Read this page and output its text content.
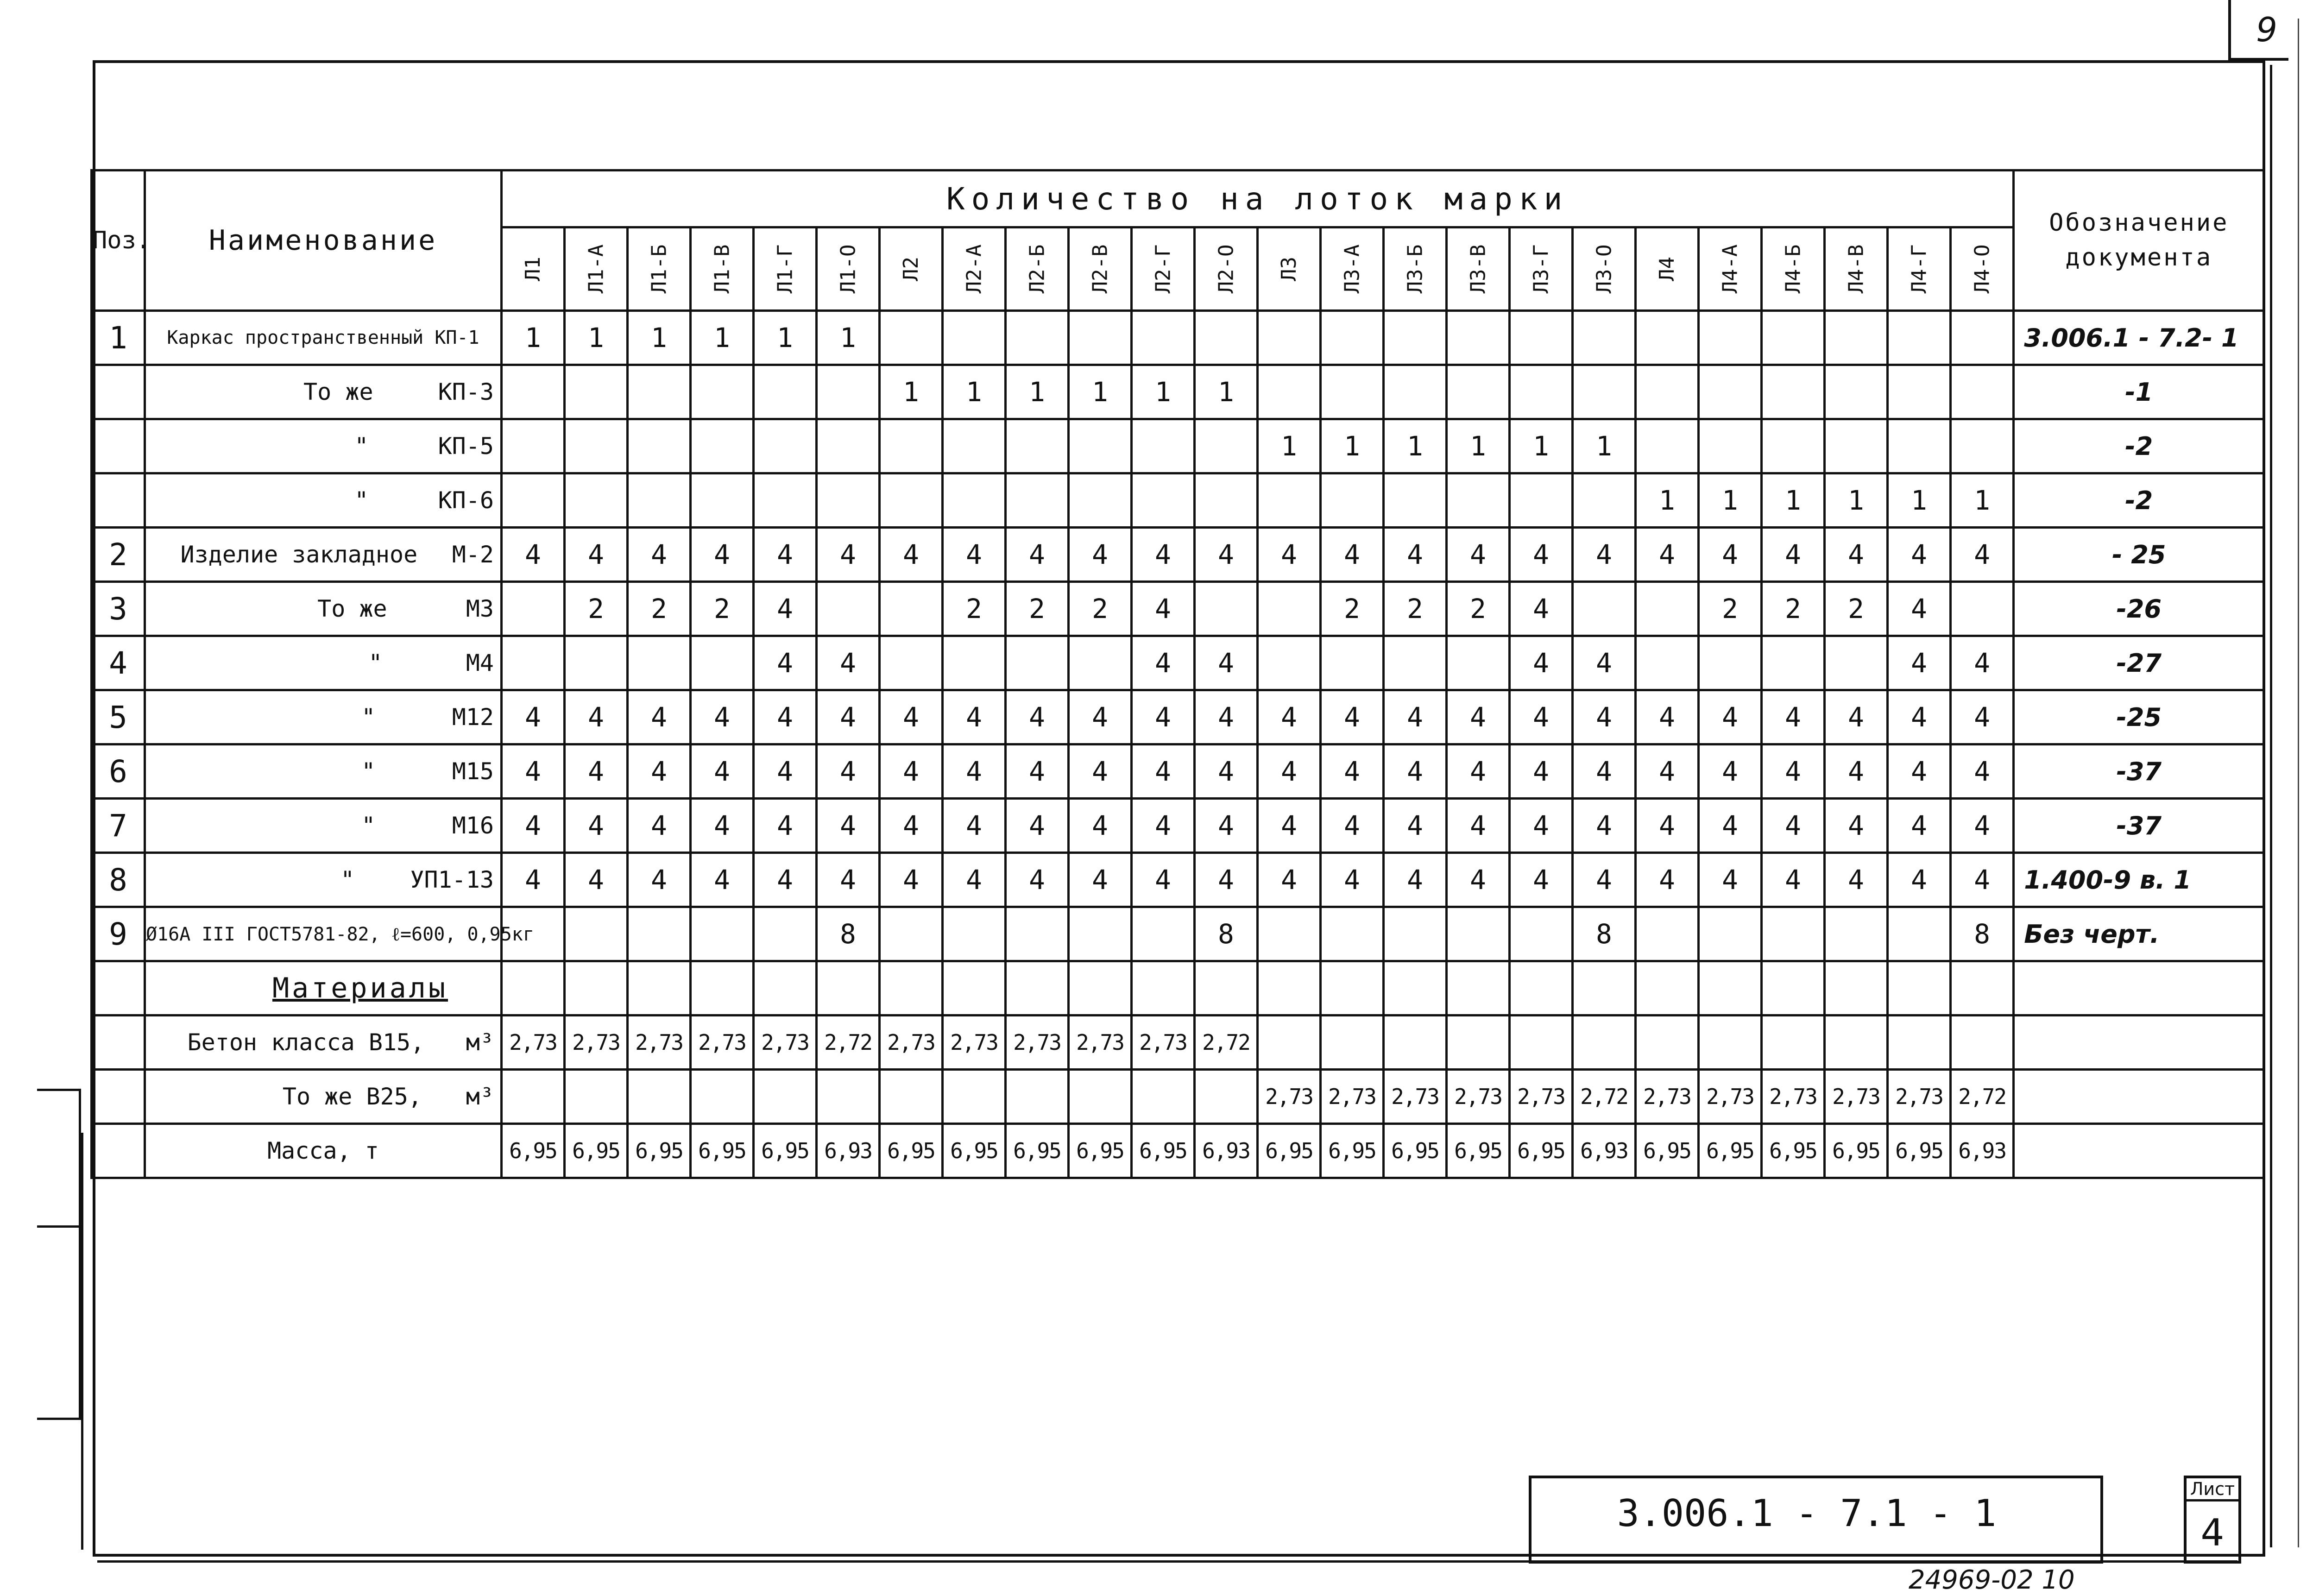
9
Поз.	Наименование	Количество на лоток марки																								Обозначение
документа

		Л1	Л1-А	Л1-Б	Л1-В	Л1-Г	Л1-О	Л2	Л2-А	Л2-Б	Л2-В	Л2-Г	Л2-О	Л3	Л3-А	Л3-Б	Л3-В	Л3-Г	Л3-О	Л4	Л4-А	Л4-Б	Л4-В	Л4-Г	Л4-О	
1	Каркас пространственный КП-1	1	1	1	1	1	1																			3.006.1 - 7.2- 1
	То же КП-3							1	1	1	1	1	1													-1
	" КП-5													1	1	1	1	1	1							-2
	" КП-6																			1	1	1	1	1	1	-2
2	Изделие закладное М-2	4	4	4	4	4	4	4	4	4	4	4	4	4	4	4	4	4	4	4	4	4	4	4	4	- 25
3	То же М3		2	2	2	4			2	2	2	4			2	2	2	4			2	2	2	4		-26
4	" М4					4	4					4	4					4	4					4	4	-27
5	" М12	4	4	4	4	4	4	4	4	4	4	4	4	4	4	4	4	4	4	4	4	4	4	4	4	-25
6	" М15	4	4	4	4	4	4	4	4	4	4	4	4	4	4	4	4	4	4	4	4	4	4	4	4	-37
7	" М16	4	4	4	4	4	4	4	4	4	4	4	4	4	4	4	4	4	4	4	4	4	4	4	4	-37
8	" УП1-13	4	4	4	4	4	4	4	4	4	4	4	4	4	4	4	4	4	4	4	4	4	4	4	4	1.400-9 в. 1
9	Ø16А III ГОСТ5781-82, ℓ=600, 0,95кг						8						8						8						8	Без черт.
	Материалы

	Бетон класса В15, м³	2,73	2,73	2,73	2,73	2,73	2,72	2,73	2,73	2,73	2,73	2,73	2,72													
	То же В25, м³													2,73	2,73	2,73	2,73	2,73	2,72	2,73	2,73	2,73	2,73	2,73	2,72	
	Масса, т	6,95	6,95	6,95	6,95	6,95	6,93	6,95	6,95	6,95	6,95	6,95	6,93	6,95	6,95	6,95	6,95	6,95	6,93	6,95	6,95	6,95	6,95	6,95	6,93	
3.006.1 - 7.1 - 1
Лист
4
24969-02 10
